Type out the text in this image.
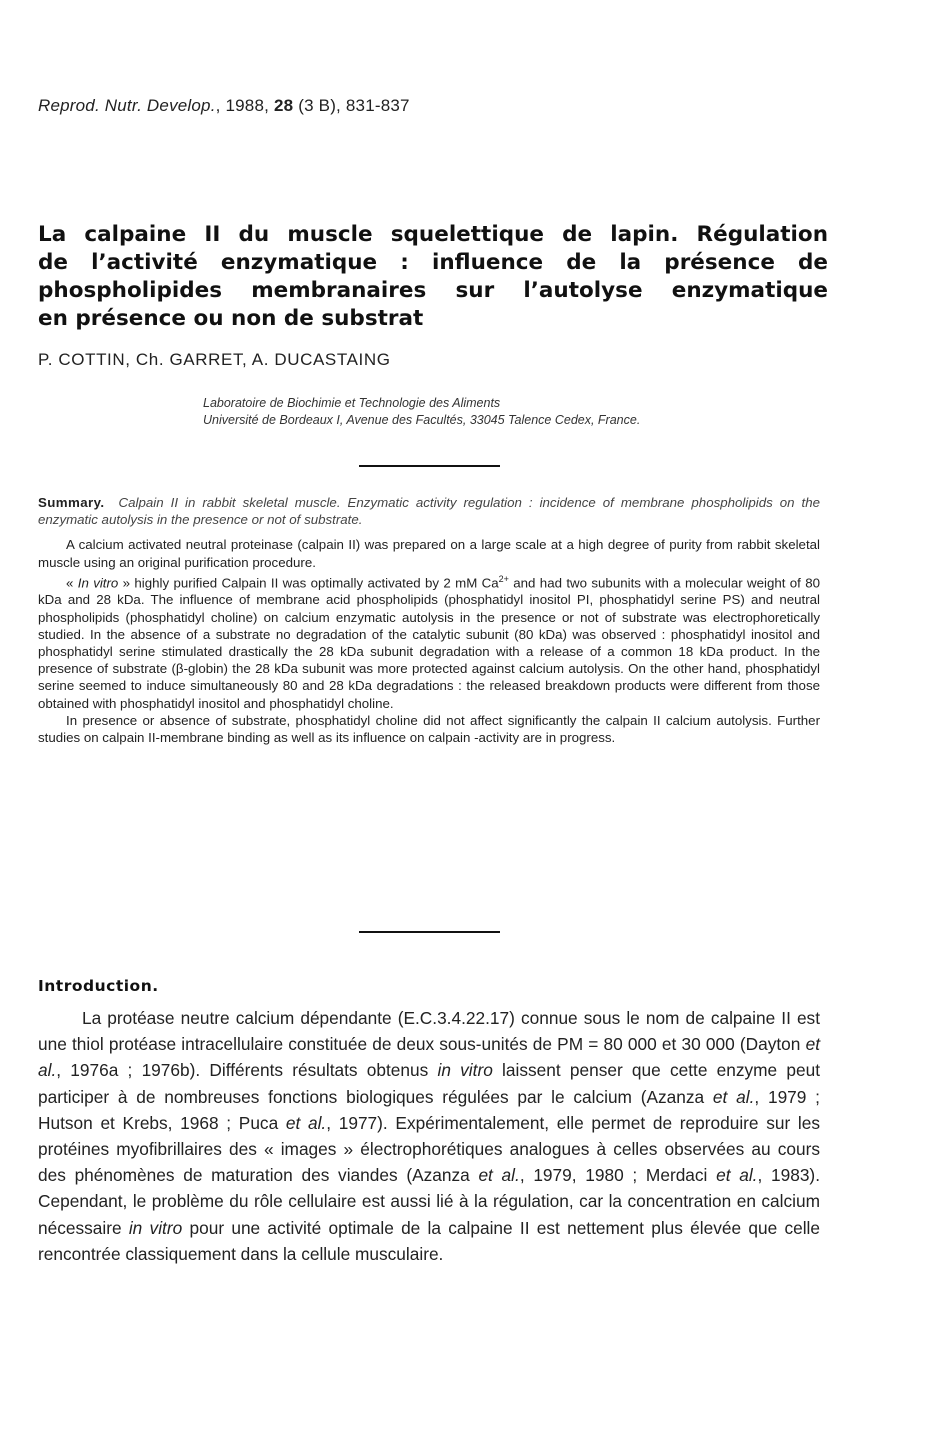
Reprod. Nutr. Develop., 1988, 28 (3 B), 831-837
La calpaine II du muscle squelettique de lapin. Régulation
de l’activité enzymatique : influence de la présence de
phospholipides membranaires sur l’autolyse enzymatique
en présence ou non de substrat
P. COTTIN, Ch. GARRET, A. DUCASTAING
Laboratoire de Biochimie et Technologie des Aliments
Université de Bordeaux I, Avenue des Facultés, 33045 Talence Cedex, France.
Summary. Calpain II in rabbit skeletal muscle. Enzymatic activity regulation : incidence of membrane phospholipids on the enzymatic autolysis in the presence or not of substrate.

A calcium activated neutral proteinase (calpain II) was prepared on a large scale at a high degree of purity from rabbit skeletal muscle using an original purification procedure.

« In vitro » highly purified Calpain II was optimally activated by 2 mM $Ca^{2+}$ and had two subunits with a molecular weight of 80 kDa and 28 kDa. The influence of membrane acid phospholipids (phosphatidyl inositol PI, phosphatidyl serine PS) and neutral phospholipids (phosphatidyl choline) on calcium enzymatic autolysis in the presence or not of substrate was electrophoretically studied. In the absence of a substrate no degradation of the catalytic subunit (80 kDa) was observed : phosphatidyl inositol and phosphatidyl serine stimulated drastically the 28 kDa subunit degradation with a release of a common 18 kDa product. In the presence of substrate (β-globin) the 28 kDa subunit was more protected against calcium autolysis. On the other hand, phosphatidyl serine seemed to induce simultaneously 80 and 28 kDa degradations : the released breakdown products were different from those obtained with phosphatidyl inositol and phosphatidyl choline.

In presence or absence of substrate, phosphatidyl choline did not affect significantly the calpain II calcium autolysis. Further studies on calpain II-membrane binding as well as its influence on calpain -activity are in progress.

Introduction.
La protéase neutre calcium dépendante (E.C.3.4.22.17) connue sous le nom de calpaine II est une thiol protéase intracellulaire constituée de deux sous-unités de PM = 80 000 et 30 000 (Dayton et al., 1976a ; 1976b). Différents résultats obtenus in vitro laissent penser que cette enzyme peut participer à de nombreuses fonctions biologiques régulées par le calcium (Azanza et al., 1979 ; Hutson et Krebs, 1968 ; Puca et al., 1977). Expérimentalement, elle permet de reproduire sur les protéines myofibrillaires des « images » électrophorétiques analogues à celles observées au cours des phénomènes de maturation des viandes (Azanza et al., 1979, 1980 ; Merdaci et al., 1983). Cependant, le problème du rôle cellulaire est aussi lié à la régulation, car la concentration en calcium nécessaire in vitro pour une activité optimale de la calpaine II est nettement plus élevée que celle rencontrée classiquement dans la cellule musculaire.
